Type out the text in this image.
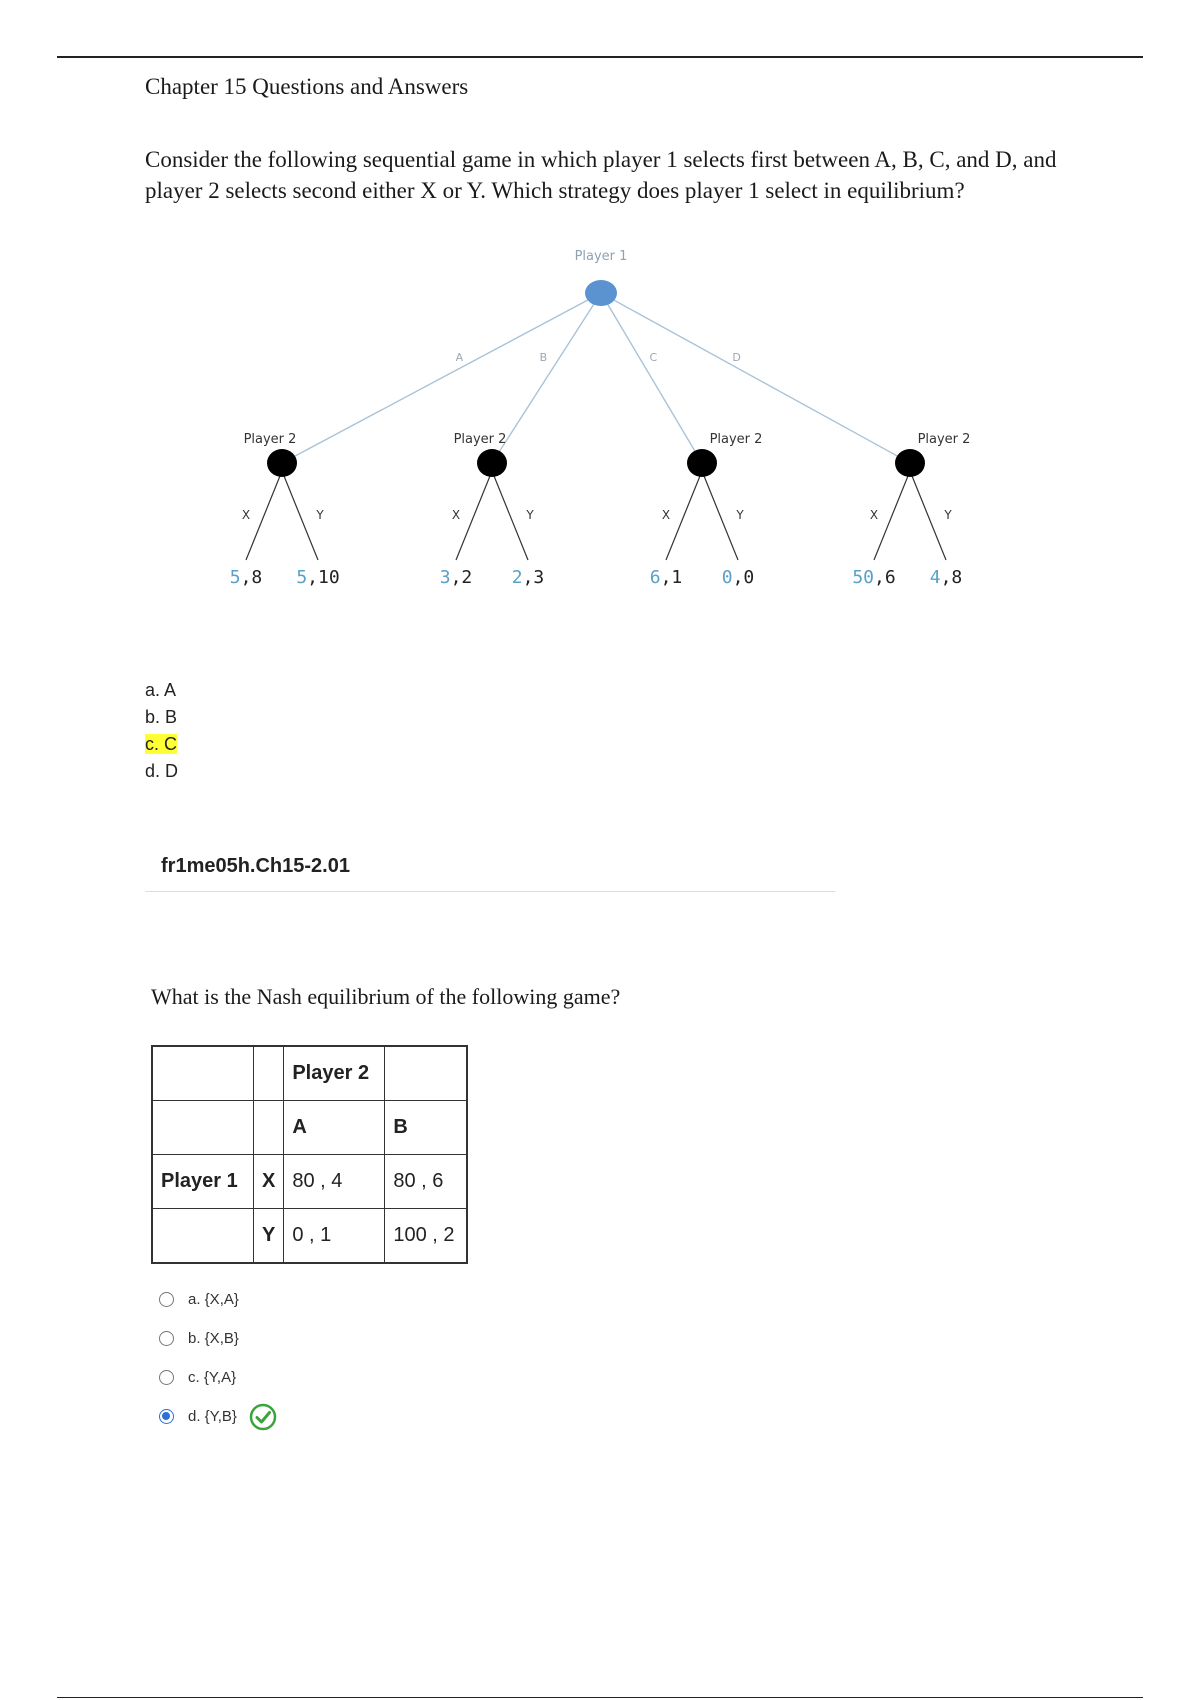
Chapter 15 Questions and Answers
Consider the following sequential game in which player 1 selects first between A, B, C, and D, and player 2 selects second either X or Y. Which strategy does player 1 select in equilibrium?
A	B	C	D
X	Y
5,8 5,10
X	Y
3,2 2,3
X	Y
6,1 0,0
X	Y
50,6 4,8
Player 2	Player 2	Player 2	Player 2
Player 1
a. A
b. B
c. C
d. D
fr1me05h.Ch15-2.01
What is the Nash equilibrium of the following game?
		Player 2	
		A	B
Player 1	X	80 , 4	80 , 6
	Y	0 , 1	100 , 2
a. {X,A}
b. {X,B}
c. {Y,A}
d. {Y,B}
